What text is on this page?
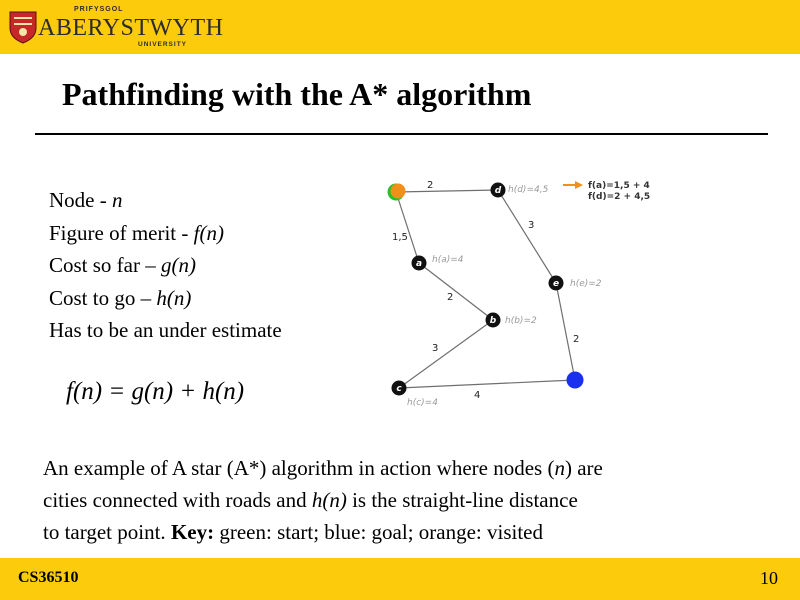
PRIFYSGOL
ABERYSTWYTH
UNIVERSITY
Pathfinding with the A* algorithm
Node - n
Figure of merit - f(n)
Cost so far – g(n)
Cost to go – h(n)
Has to be an under estimate
f(n) = g(n) + h(n)
2
1,5
2
3
4
3
2
d
a
e
b
c
h(d)=4,5
h(a)=4
h(e)=2
h(b)=2
h(c)=4
f(a)=1,5 + 4
f(d)=2 + 4,5
An example of A star (A*) algorithm in action where nodes (n) are
cities connected with roads and h(n) is the straight-line distance
to target point. Key: green: start; blue: goal; orange: visited
CS36510	10
